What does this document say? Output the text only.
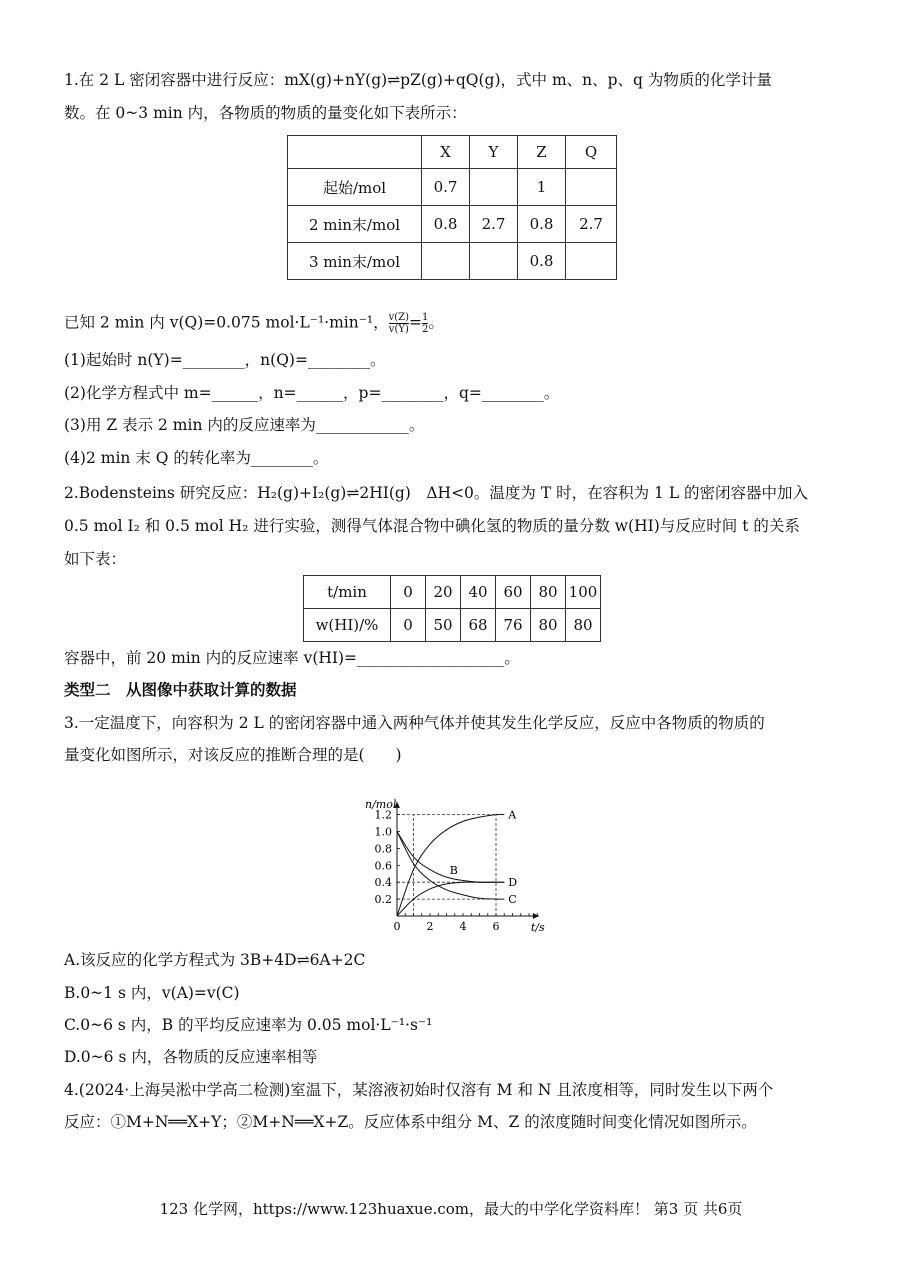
1.在 2 L 密闭容器中进行反应：mX(g)+nY(g)⇌pZ(g)+qQ(g)，式中 m、n、p、q 为物质的化学计量
数。在 0~3 min 内，各物质的物质的量变化如下表所示：
	X	Y	Z	Q
起始/mol	0.7		1	
2 min末/mol	0.8	2.7	0.8	2.7
3 min末/mol			0.8	
已知 2 min 内 v(Q)=0.075 mol·L⁻¹·min⁻¹， $\frac{v(Z)}{v(Y)} = \frac{1}{2}$ 。
(1)起始时 n(Y)=________，n(Q)=________。
(2)化学方程式中 m=______，n=______，p=________，q=________。
(3)用 Z 表示 2 min 内的反应速率为____________。
(4)2 min 末 Q 的转化率为________。
2.Bodensteins 研究反应：H₂(g)+I₂(g)⇌2HI(g)　ΔH<0。温度为 T 时，在容积为 1 L 的密闭容器中加入
0.5 mol I₂ 和 0.5 mol H₂ 进行实验，测得气体混合物中碘化氢的物质的量分数 w(HI)与反应时间 t 的关系
如下表：
t/min	0	20	40	60	80	100
w(HI)/%	0	50	68	76	80	80
容器中，前 20 min 内的反应速率 v(HI)=___________________。
类型二　从图像中获取计算的数据
3.一定温度下，向容积为 2 L 的密闭容器中通入两种气体并使其发生化学反应，反应中各物质的物质的
量变化如图所示，对该反应的推断合理的是(　　)
0 2 4 6
0.2
0.4
0.6
0.8
1.0
1.2
n/mol
t/s
A
B
C
D
A.该反应的化学方程式为 3B+4D⇌6A+2C
B.0~1 s 内，v(A)=v(C)
C.0~6 s 内，B 的平均反应速率为 0.05 mol·L⁻¹·s⁻¹
D.0~6 s 内，各物质的反应速率相等
4.(2024·上海吴淞中学高二检测)室温下，某溶液初始时仅溶有 M 和 N 且浓度相等，同时发生以下两个
反应：①M+N══X+Y；②M+N══X+Z。反应体系中组分 M、Z 的浓度随时间变化情况如图所示。
123 化学网，https://www.123huaxue.com，最大的中学化学资料库！ 第3 页 共6页
